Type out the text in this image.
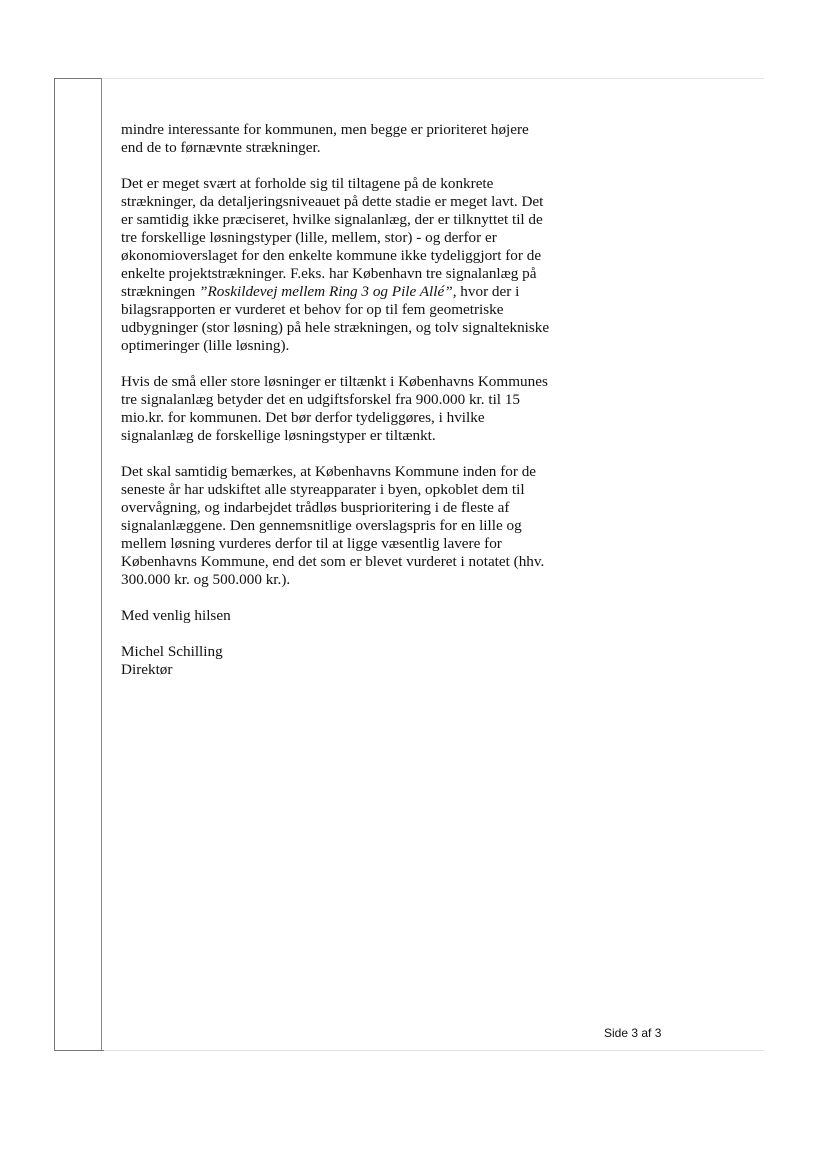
mindre interessante for kommunen, men begge er prioriteret højere
end de to førnævnte strækninger.

Det er meget svært at forholde sig til tiltagene på de konkrete
strækninger, da detaljeringsniveauet på dette stadie er meget lavt. Det
er samtidig ikke præciseret, hvilke signalanlæg, der er tilknyttet til de
tre forskellige løsningstyper (lille, mellem, stor) - og derfor er
økonomioverslaget for den enkelte kommune ikke tydeliggjort for de
enkelte projektstrækninger. F.eks. har København tre signalanlæg på
strækningen ”Roskildevej mellem Ring 3 og Pile Allé”, hvor der i
bilagsrapporten er vurderet et behov for op til fem geometriske
udbygninger (stor løsning) på hele strækningen, og tolv signaltekniske
optimeringer (lille løsning).

Hvis de små eller store løsninger er tiltænkt i Københavns Kommunes
tre signalanlæg betyder det en udgiftsforskel fra 900.000 kr. til 15
mio.kr. for kommunen. Det bør derfor tydeliggøres, i hvilke
signalanlæg de forskellige løsningstyper er tiltænkt.

Det skal samtidig bemærkes, at Københavns Kommune inden for de
seneste år har udskiftet alle styreapparater i byen, opkoblet dem til
overvågning, og indarbejdet trådløs busprioritering i de fleste af
signalanlæggene. Den gennemsnitlige overslagspris for en lille og
mellem løsning vurderes derfor til at ligge væsentlig lavere for
Københavns Kommune, end det som er blevet vurderet i notatet (hhv.
300.000 kr. og 500.000 kr.).

Med venlig hilsen

Michel Schilling
Direktør

Side 3 af 3
